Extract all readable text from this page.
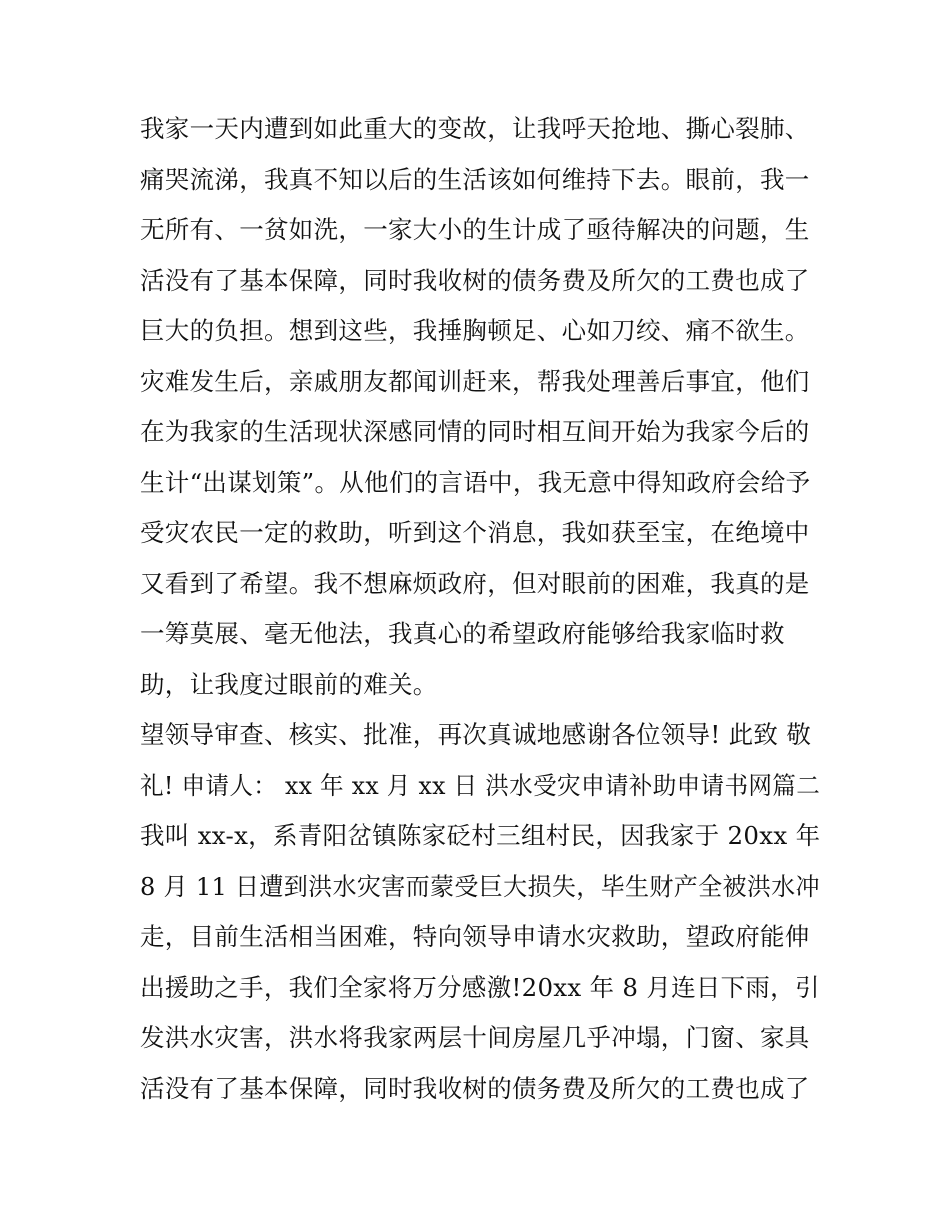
我家一天内遭到如此重大的变故，让我呼天抢地、撕心裂肺、
痛哭流涕，我真不知以后的生活该如何维持下去。眼前，我一
无所有、一贫如洗，一家大小的生计成了亟待解决的问题，生
活没有了基本保障，同时我收树的债务费及所欠的工费也成了
巨大的负担。想到这些，我捶胸顿足、心如刀绞、痛不欲生。
灾难发生后，亲戚朋友都闻训赶来，帮我处理善后事宜，他们
在为我家的生活现状深感同情的同时相互间开始为我家今后的
生计“出谋划策”。从他们的言语中，我无意中得知政府会给予
受灾农民一定的救助，听到这个消息，我如获至宝，在绝境中
又看到了希望。我不想麻烦政府，但对眼前的困难，我真的是
一筹莫展、毫无他法，我真心的希望政府能够给我家临时救
助，让我度过眼前的难关。
望领导审查、核实、批准，再次真诚地感谢各位领导! 此致 敬
礼! 申请人： xx 年 xx 月 xx 日 洪水受灾申请补助申请书网篇二
我叫 xx-x，系青阳岔镇陈家砭村三组村民，因我家于 20xx 年
8 月 11 日遭到洪水灾害而蒙受巨大损失，毕生财产全被洪水冲
走，目前生活相当困难，特向领导申请水灾救助，望政府能伸
出援助之手，我们全家将万分感激!20xx 年 8 月连日下雨，引
发洪水灾害，洪水将我家两层十间房屋几乎冲塌，门窗、家具
活没有了基本保障，同时我收树的债务费及所欠的工费也成了
